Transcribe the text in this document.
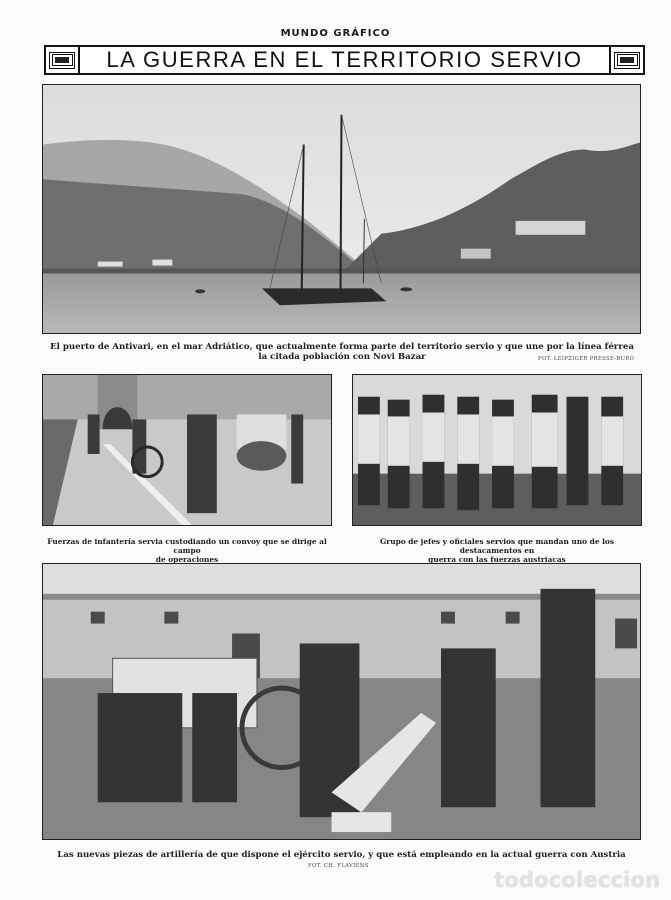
MUNDO GRÁFICO
LA GUERRA EN EL TERRITORIO SERVIO
El puerto de Antivari, en el mar Adriático, que actualmente forma parte del territorio servio y que une por la línea férrea
la citada población con Novi Bazar	FOT. LEIPZIGER PRESSE-BURÓ
Fuerzas de infantería servia custodiando un convoy que se dirige al campo
de operaciones
Grupo de jefes y oficiales servios que mandan uno de los destacamentos en
guerra con las fuerzas austriacas
Las nuevas piezas de artillería de que dispone el ejército servio, y que está empleando en la actual guerra con Austria
FOT. CH. FLAVIENS
todocoleccion
